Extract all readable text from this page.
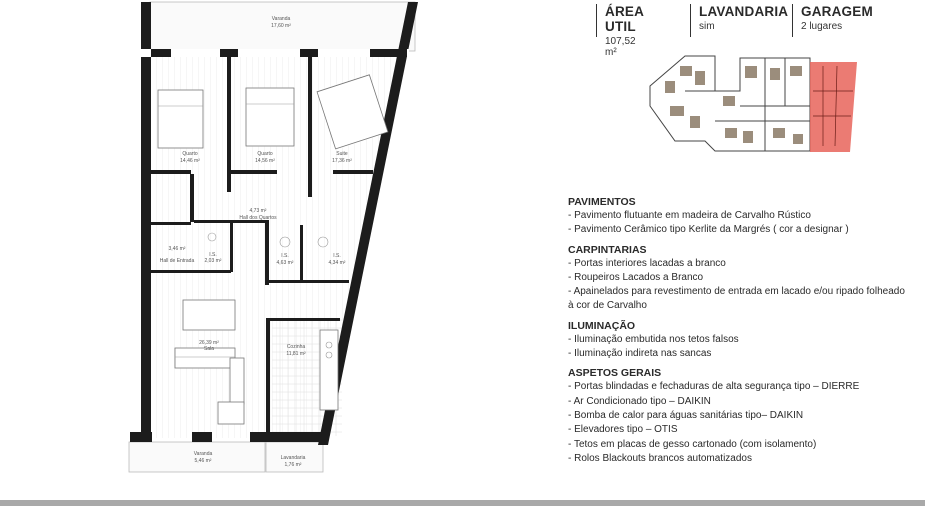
Varanda
17,60 m²
Quarto
14,46 m²
Quarto
14,56 m²
Suite
17,36 m²
4,73 m²
Hall dos Quartos
3,46 m²
Hall de Entrada
I.S.
2,03 m²
I.S.
4,63 m²
I.S.
4,34 m²
26,39 m²
Sala	Cozinha
11,81 m²
Varanda
5,46 m²	Lavandaria
1,76 m²
ÁREA UTIL
107,52 m²
LAVANDARIA
sim
GARAGEM
2 lugares
PAVIMENTOS
- Pavimento flutuante em madeira de Carvalho Rústico
- Pavimento Cerâmico tipo Kerlite da Margrés ( cor a designar )
CARPINTARIAS
- Portas interiores lacadas a branco
- Roupeiros Lacados a Branco
- Apainelados para revestimento de entrada em lacado e/ou ripado folheado à cor de Carvalho
ILUMINAÇÃO
- Iluminação embutida nos tetos falsos
- Iluminação indireta nas sancas
ASPETOS GERAIS
- Portas blindadas e fechaduras de alta segurança tipo – DIERRE
- Ar Condicionado tipo – DAIKIN
- Bomba de calor para águas sanitárias tipo– DAIKIN
- Elevadores tipo – OTIS
- Tetos em placas de gesso cartonado (com isolamento)
- Rolos Blackouts brancos automatizados
